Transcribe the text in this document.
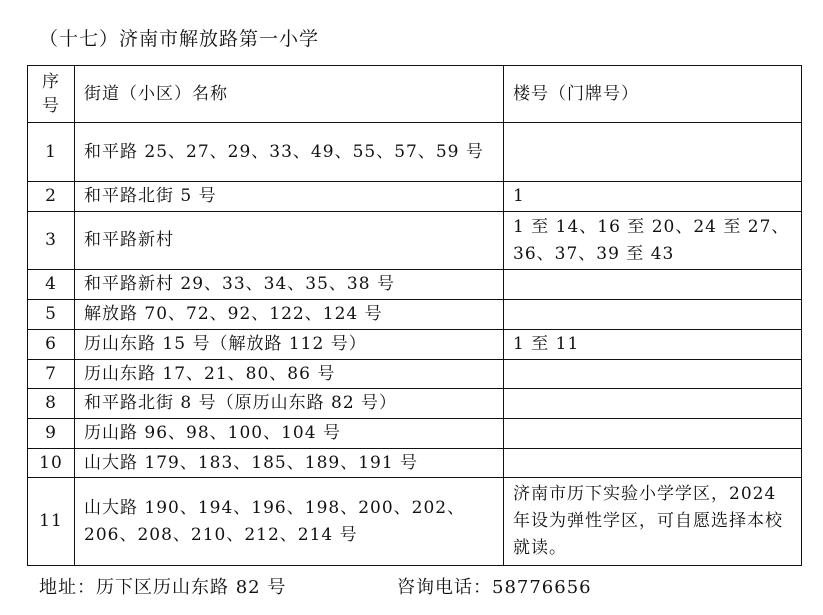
（十七）济南市解放路第一小学
序号	街道（小区）名称	楼号（门牌号）
1	和平路 25、27、29、33、49、55、57、59 号	
2	和平路北街 5 号	1
3	和平路新村	1 至 14、16 至 20、24 至 27、36、37、39 至 43
4	和平路新村 29、33、34、35、38 号	
5	解放路 70、72、92、122、124 号	
6	历山东路 15 号（解放路 112 号）	1 至 11
7	历山东路 17、21、80、86 号	
8	和平路北街 8 号（原历山东路 82 号）	
9	历山路 96、98、100、104 号	
10	山大路 179、183、185、189、191 号	
11	山大路 190、194、196、198、200、202、206、208、210、212、214 号	济南市历下实验小学学区，2024 年设为弹性学区，可自愿选择本校就读。
地址：历下区历山东路 82 号	咨询电话：58776656
